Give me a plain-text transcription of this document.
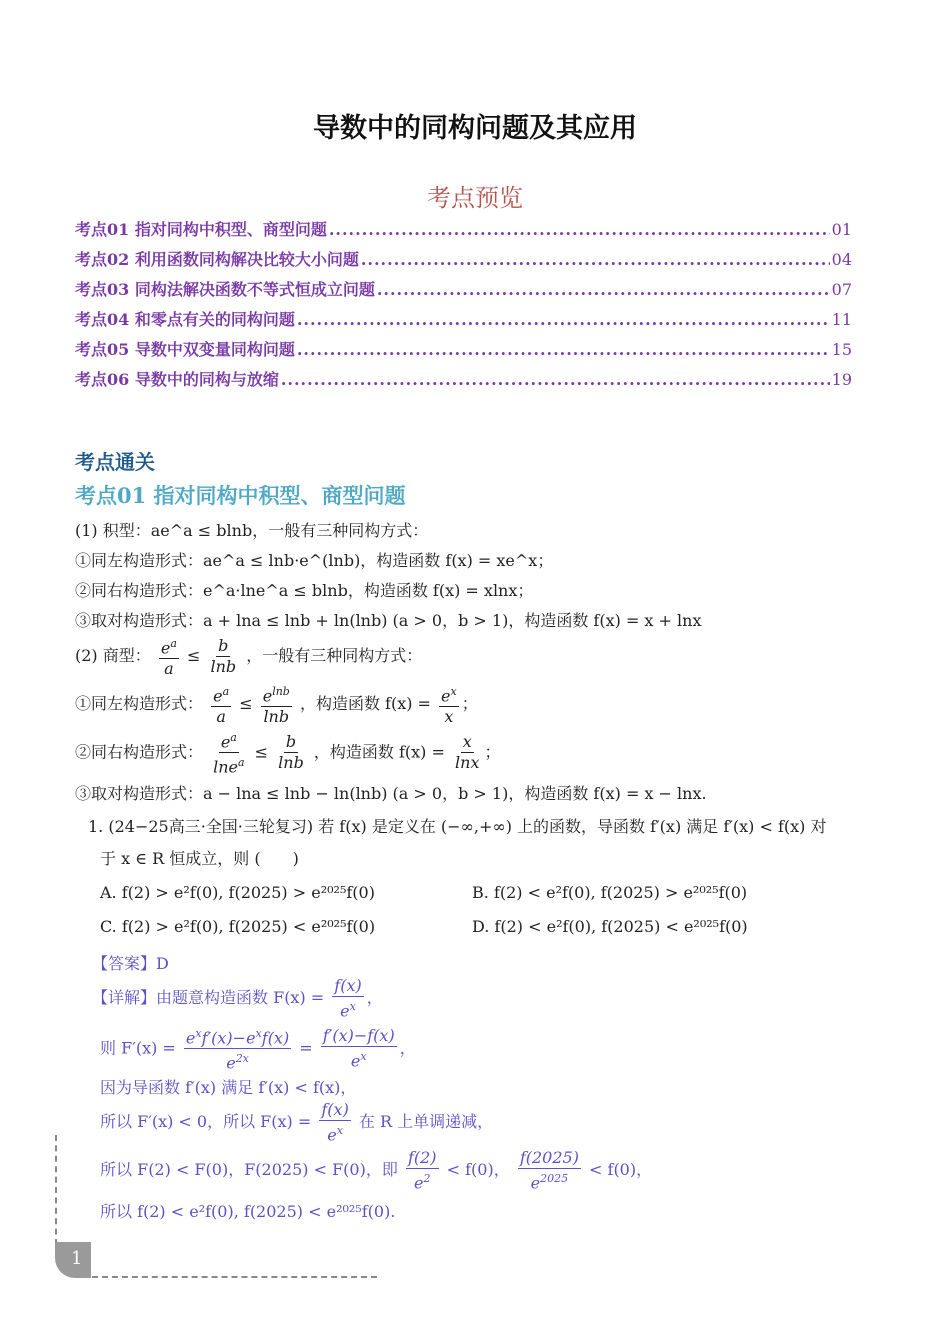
导数中的同构问题及其应用
考点预览
考点01 指对同构中积型、商型问题 .....	01
考点02 利用函数同构解决比较大小问题 .....	04
考点03 同构法解决函数不等式恒成立问题 .....	07
考点04 和零点有关的同构问题 .....	11
考点05 导数中双变量同构问题 .....	15
考点06 导数中的同构与放缩 .....	19
考点通关
考点01 指对同构中积型、商型问题
(1) 积型：ae^a ≤ blnb，一般有三种同构方式：
①同左构造形式：ae^a ≤ lnb·e^(lnb)，构造函数 f(x) = xe^x；
②同右构造形式：e^a·lne^a ≤ blnb，构造函数 f(x) = xlnx；
③取对构造形式：a + lna ≤ lnb + ln(lnb) (a > 0，b > 1)，构造函数 f(x) = x + lnx
(2) 商型： $\frac{e^a}{a} \le \frac{b}{\ln b}$ ，一般有三种同构方式：
①同左构造形式： $\frac{e^a}{a} \le \frac{e^{lnb}}{\ln b}$ ，构造函数 $f(x) = \frac{e^x}{x}$ ；
②同右构造形式： $\frac{e^a}{\ln e^a} \le \frac{b}{\ln b}$ ，构造函数 $f(x) = \frac{x}{\ln x}$ ；
③取对构造形式：a − lna ≤ lnb − ln(lnb) (a > 0，b > 1)，构造函数 f(x) = x − lnx.
1. (24−25高三·全国·三轮复习) 若 f(x) 是定义在 (−∞,+∞) 上的函数，导函数 f′(x) 满足 f′(x) < f(x) 对
于 x ∈ R 恒成立，则 (　　)
A. f(2) > e²f(0), f(2025) > e²⁰²⁵f(0)	B. f(2) < e²f(0), f(2025) > e²⁰²⁵f(0)
C. f(2) > e²f(0), f(2025) < e²⁰²⁵f(0)	D. f(2) < e²f(0), f(2025) < e²⁰²⁵f(0)
【答案】D
【详解】由题意构造函数 $F(x) = \frac{f(x)}{e^x}$ ，
则 $F'(x) = \frac{e^xf'(x)-e^xf(x)}{e^{2x}} = \frac{f'(x)-f(x)}{e^x}$ ，
因为导函数 f′(x) 满足 f′(x) < f(x)，
所以 F′(x) < 0，所以 $F(x) = \frac{f(x)}{e^x}$ 在 R 上单调递减，
所以 F(2) < F(0)，F(2025) < F(0)，即 $\frac{f(2)}{e^2} < f(0)$， $\frac{f(2025)}{e^{2025}} < f(0)$，
所以 f(2) < e²f(0), f(2025) < e²⁰²⁵f(0).
1
